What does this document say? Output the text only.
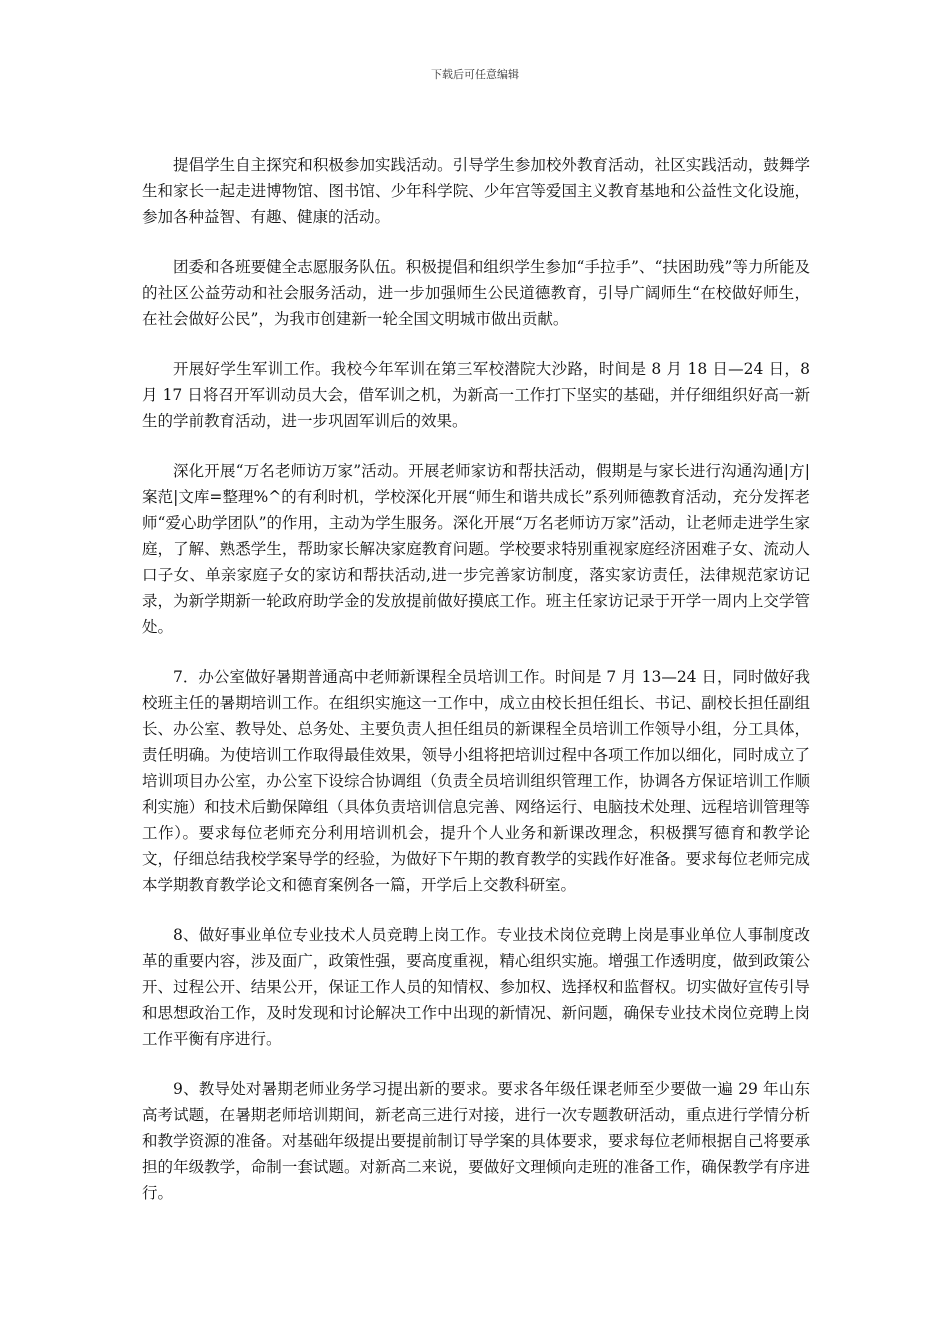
下载后可任意编辑

提倡学生自主探究和积极参加实践活动。引导学生参加校外教育活动，社区实践活动，鼓舞学生和家长一起走进博物馆、图书馆、少年科学院、少年宫等爱国主义教育基地和公益性文化设施，参加各种益智、有趣、健康的活动。

团委和各班要健全志愿服务队伍。积极提倡和组织学生参加“手拉手”、“扶困助残”等力所能及的社区公益劳动和社会服务活动，进一步加强师生公民道德教育，引导广阔师生“在校做好师生，在社会做好公民”，为我市创建新一轮全国文明城市做出贡献。

开展好学生军训工作。我校今年军训在第三军校潜院大沙路，时间是 8 月 18 日—24 日，8 月 17 日将召开军训动员大会，借军训之机，为新高一工作打下坚实的基础，并仔细组织好高一新生的学前教育活动，进一步巩固军训后的效果。

深化开展“万名老师访万家”活动。开展老师家访和帮扶活动，假期是与家长进行沟通沟通|方|案范|文库=整理%^的有利时机，学校深化开展“师生和谐共成长”系列师德教育活动，充分发挥老师“爱心助学团队”的作用，主动为学生服务。深化开展“万名老师访万家”活动，让老师走进学生家庭，了解、熟悉学生，帮助家长解决家庭教育问题。学校要求特别重视家庭经济困难子女、流动人口子女、单亲家庭子女的家访和帮扶活动,进一步完善家访制度，落实家访责任，法律规范家访记录，为新学期新一轮政府助学金的发放提前做好摸底工作。班主任家访记录于开学一周内上交学管处。

7．办公室做好暑期普通高中老师新课程全员培训工作。时间是 7 月 13—24 日，同时做好我校班主任的暑期培训工作。在组织实施这一工作中，成立由校长担任组长、书记、副校长担任副组长、办公室、教导处、总务处、主要负责人担任组员的新课程全员培训工作领导小组，分工具体，责任明确。为使培训工作取得最佳效果，领导小组将把培训过程中各项工作加以细化，同时成立了培训项目办公室，办公室下设综合协调组（负责全员培训组织管理工作，协调各方保证培训工作顺利实施）和技术后勤保障组（具体负责培训信息完善、网络运行、电脑技术处理、远程培训管理等工作）。要求每位老师充分利用培训机会，提升个人业务和新课改理念，积极撰写德育和教学论文，仔细总结我校学案导学的经验，为做好下午期的教育教学的实践作好准备。要求每位老师完成本学期教育教学论文和德育案例各一篇，开学后上交教科研室。

8、做好事业单位专业技术人员竞聘上岗工作。专业技术岗位竞聘上岗是事业单位人事制度改革的重要内容，涉及面广，政策性强，要高度重视，精心组织实施。增强工作透明度，做到政策公开、过程公开、结果公开，保证工作人员的知情权、参加权、选择权和监督权。切实做好宣传引导和思想政治工作，及时发现和讨论解决工作中出现的新情况、新问题，确保专业技术岗位竞聘上岗工作平衡有序进行。

9、教导处对暑期老师业务学习提出新的要求。要求各年级任课老师至少要做一遍 29 年山东高考试题，在暑期老师培训期间，新老高三进行对接，进行一次专题教研活动，重点进行学情分析和教学资源的准备。对基础年级提出要提前制订导学案的具体要求，要求每位老师根据自己将要承担的年级教学，命制一套试题。对新高二来说，要做好文理倾向走班的准备工作，确保教学有序进行。
